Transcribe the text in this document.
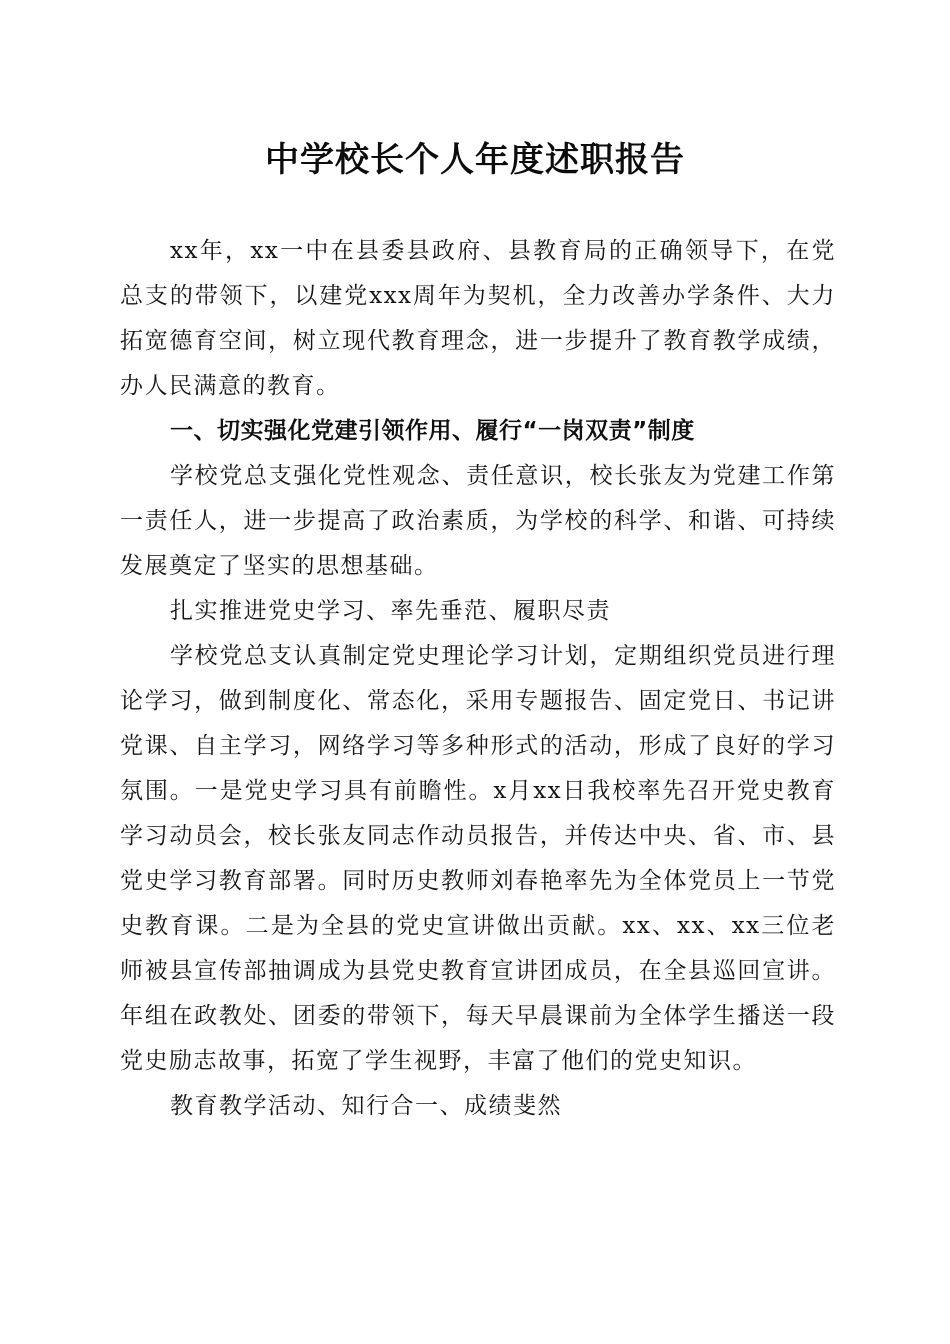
中学校长个人年度述职报告

xx年，xx一中在县委县政府、县教育局的正确领导下，在党总支的带领下，以建党xxx周年为契机，全力改善办学条件、大力拓宽德育空间，树立现代教育理念，进一步提升了教育教学成绩，办人民满意的教育。

一、切实强化党建引领作用、履行“一岗双责”制度

学校党总支强化党性观念、责任意识，校长张友为党建工作第一责任人，进一步提高了政治素质，为学校的科学、和谐、可持续发展奠定了坚实的思想基础。

扎实推进党史学习、率先垂范、履职尽责

学校党总支认真制定党史理论学习计划，定期组织党员进行理论学习，做到制度化、常态化，采用专题报告、固定党日、书记讲党课、自主学习，网络学习等多种形式的活动，形成了良好的学习氛围。一是党史学习具有前瞻性。x月xx日我校率先召开党史教育学习动员会，校长张友同志作动员报告，并传达中央、省、市、县党史学习教育部署。同时历史教师刘春艳率先为全体党员上一节党史教育课。二是为全县的党史宣讲做出贡献。xx、xx、xx三位老师被县宣传部抽调成为县党史教育宣讲团成员，在全县巡回宣讲。年组在政教处、团委的带领下，每天早晨课前为全体学生播送一段党史励志故事，拓宽了学生视野，丰富了他们的党史知识。

教育教学活动、知行合一、成绩斐然
